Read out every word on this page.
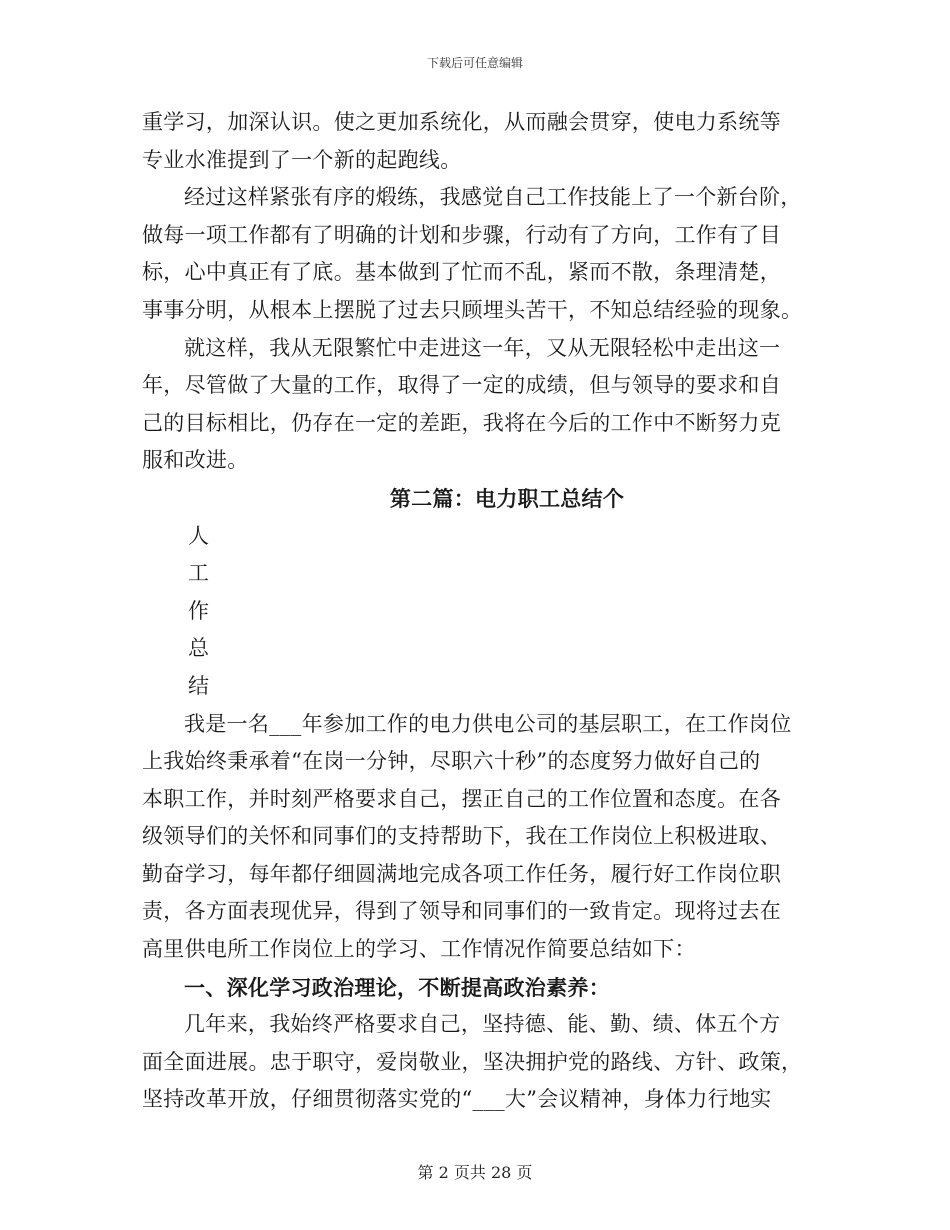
下载后可任意编辑
重学习，加深认识。使之更加系统化，从而融会贯穿，使电力系统等
专业水准提到了一个新的起跑线。
经过这样紧张有序的煅练，我感觉自己工作技能上了一个新台阶，
做每一项工作都有了明确的计划和步骤，行动有了方向，工作有了目
标，心中真正有了底。基本做到了忙而不乱，紧而不散，条理清楚，
事事分明，从根本上摆脱了过去只顾埋头苦干，不知总结经验的现象。
就这样，我从无限繁忙中走进这一年，又从无限轻松中走出这一
年，尽管做了大量的工作，取得了一定的成绩，但与领导的要求和自
己的目标相比，仍存在一定的差距，我将在今后的工作中不断努力克
服和改进。
第二篇：电力职工总结个
人
工
作
总
结
我是一名___年参加工作的电力供电公司的基层职工，在工作岗位
上我始终秉承着“在岗一分钟，尽职六十秒”的态度努力做好自己的
本职工作，并时刻严格要求自己，摆正自己的工作位置和态度。在各
级领导们的关怀和同事们的支持帮助下，我在工作岗位上积极进取、
勤奋学习，每年都仔细圆满地完成各项工作任务，履行好工作岗位职
责，各方面表现优异，得到了领导和同事们的一致肯定。现将过去在
高里供电所工作岗位上的学习、工作情况作简要总结如下：
一、深化学习政治理论，不断提高政治素养：
几年来，我始终严格要求自己，坚持德、能、勤、绩、体五个方
面全面进展。忠于职守，爱岗敬业，坚决拥护党的路线、方针、政策，
坚持改革开放，仔细贯彻落实党的“___大”会议精神，身体力行地实
第 2 页共 28 页
